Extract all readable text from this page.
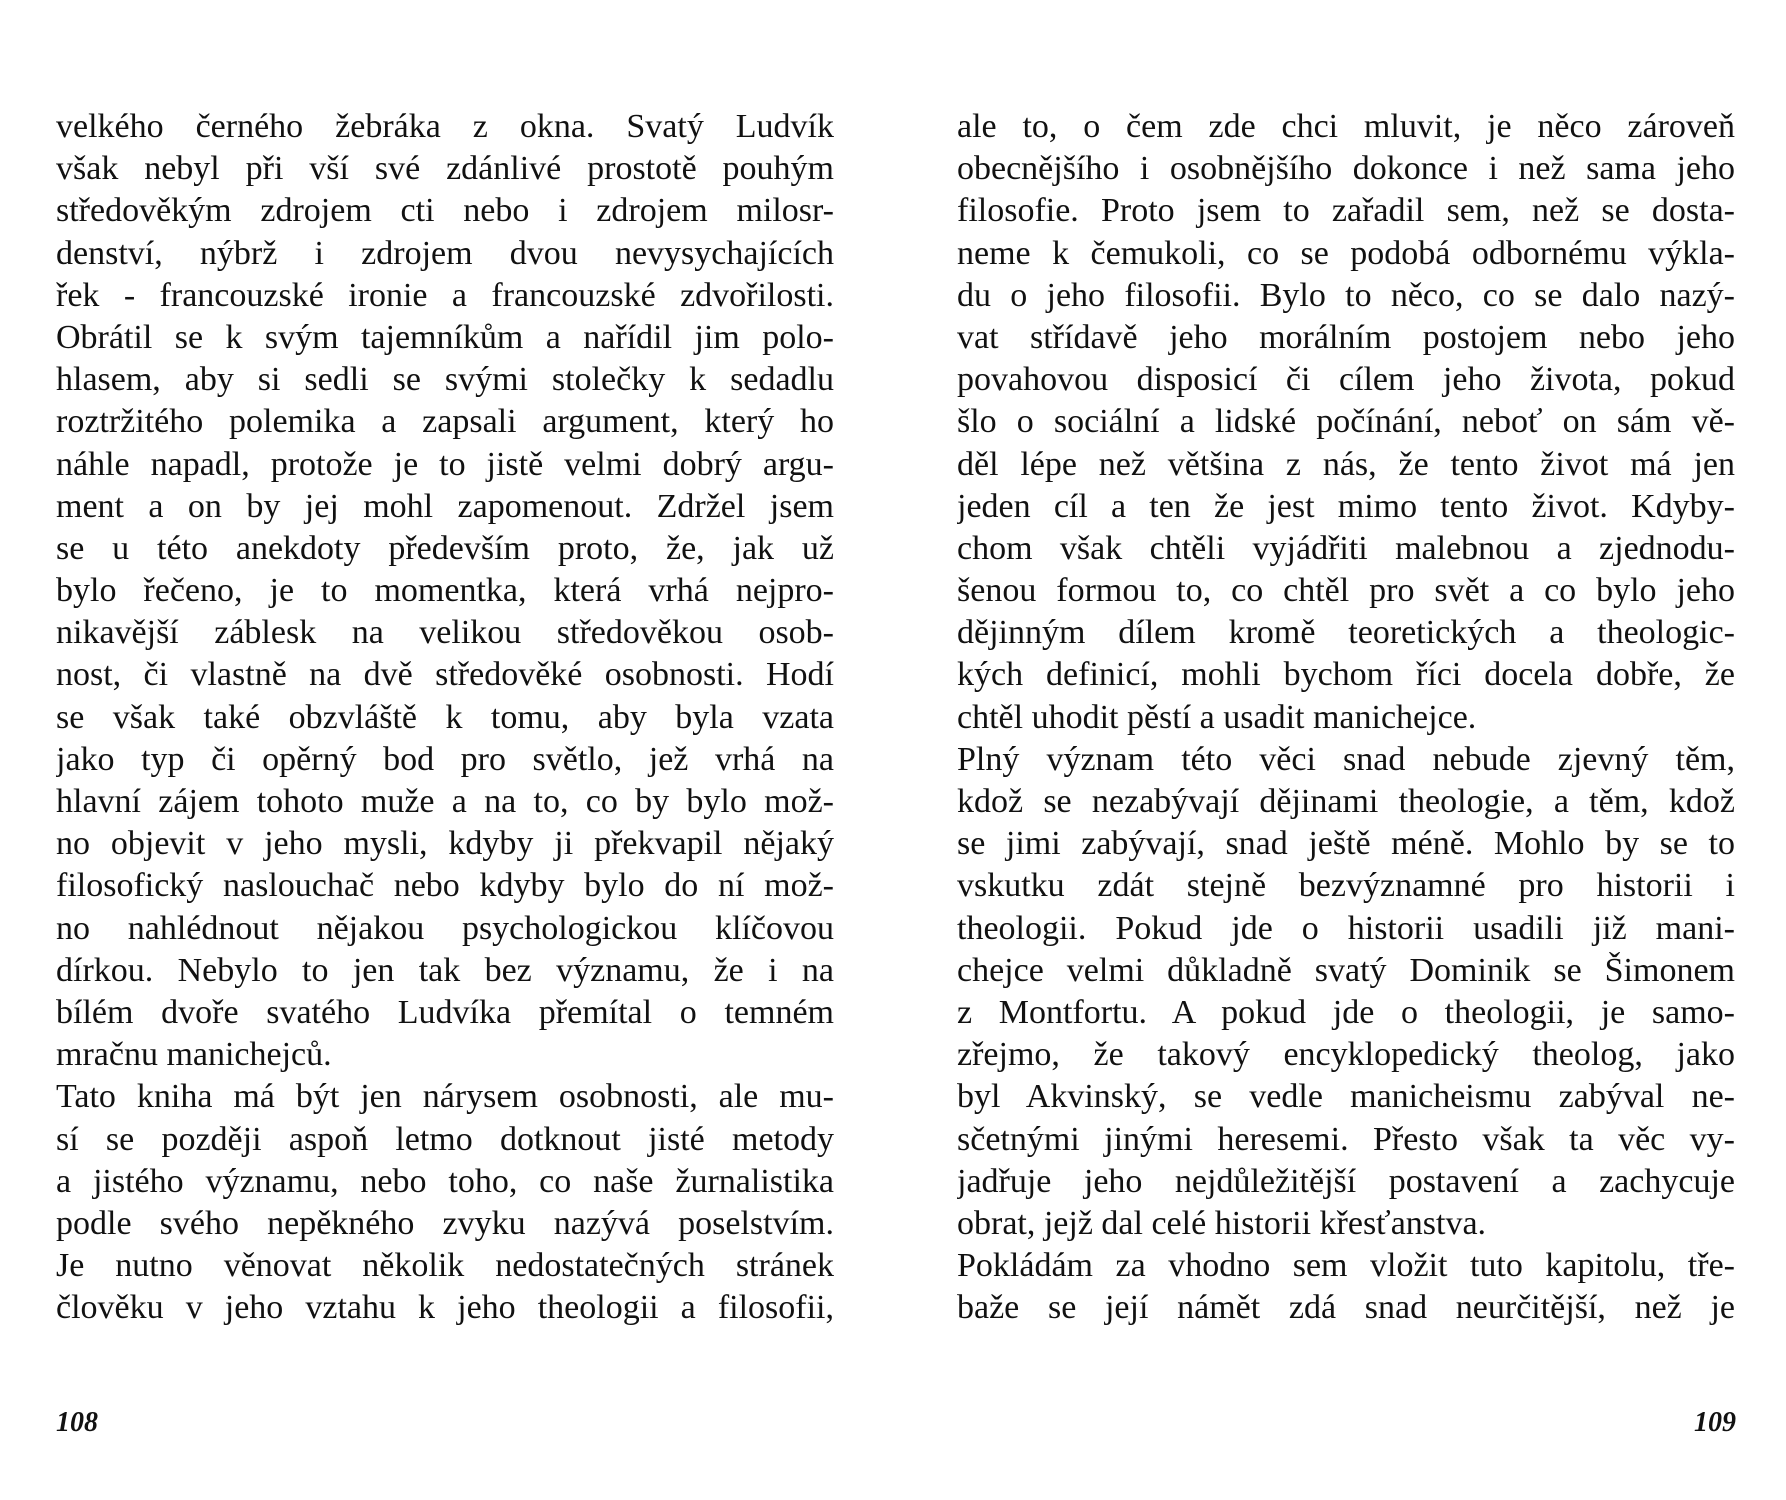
velkého černého žebráka z okna. Svatý Ludvík
však nebyl při vší své zdánlivé prostotě pouhým
středověkým zdrojem cti nebo i zdrojem milosr-
denství, nýbrž i zdrojem dvou nevysychajících
řek - francouzské ironie a francouzské zdvořilosti.
Obrátil se k svým tajemníkům a nařídil jim polo-
hlasem, aby si sedli se svými stolečky k sedadlu
roztržitého polemika a zapsali argument, který ho
náhle napadl, protože je to jistě velmi dobrý argu-
ment a on by jej mohl zapomenout. Zdržel jsem
se u této anekdoty především proto, že, jak už
bylo řečeno, je to momentka, která vrhá nejpro-
nikavější záblesk na velikou středověkou osob-
nost, či vlastně na dvě středověké osobnosti. Hodí
se však také obzvláště k tomu, aby byla vzata
jako typ či opěrný bod pro světlo, jež vrhá na
hlavní zájem tohoto muže a na to, co by bylo mož-
no objevit v jeho mysli, kdyby ji překvapil nějaký
filosofický naslouchač nebo kdyby bylo do ní mož-
no nahlédnout nějakou psychologickou klíčovou
dírkou. Nebylo to jen tak bez významu, že i na
bílém dvoře svatého Ludvíka přemítal o temném
mračnu manichejců.
Tato kniha má být jen nárysem osobnosti, ale mu-
sí se později aspoň letmo dotknout jisté metody
a jistého významu, nebo toho, co naše žurnalistika
podle svého nepěkného zvyku nazývá poselstvím.
Je nutno věnovat několik nedostatečných stránek
člověku v jeho vztahu k jeho theologii a filosofii,
108
ale to, o čem zde chci mluvit, je něco zároveň
obecnějšího i osobnějšího dokonce i než sama jeho
filosofie. Proto jsem to zařadil sem, než se dosta-
neme k čemukoli, co se podobá odbornému výkla-
du o jeho filosofii. Bylo to něco, co se dalo nazý-
vat střídavě jeho morálním postojem nebo jeho
povahovou disposicí či cílem jeho života, pokud
šlo o sociální a lidské počínání, neboť on sám vě-
děl lépe než většina z nás, že tento život má jen
jeden cíl a ten že jest mimo tento život. Kdyby-
chom však chtěli vyjádřiti malebnou a zjednodu-
šenou formou to, co chtěl pro svět a co bylo jeho
dějinným dílem kromě teoretických a theologic-
kých definicí, mohli bychom říci docela dobře, že
chtěl uhodit pěstí a usadit manichejce.
Plný význam této věci snad nebude zjevný těm,
kdož se nezabývají dějinami theologie, a těm, kdož
se jimi zabývají, snad ještě méně. Mohlo by se to
vskutku zdát stejně bezvýznamné pro historii i
theologii. Pokud jde o historii usadili již mani-
chejce velmi důkladně svatý Dominik se Šimonem
z Montfortu. A pokud jde o theologii, je samo-
zřejmo, že takový encyklopedický theolog, jako
byl Akvinský, se vedle manicheismu zabýval ne-
sčetnými jinými heresemi. Přesto však ta věc vy-
jadřuje jeho nejdůležitější postavení a zachycuje
obrat, jejž dal celé historii křesťanstva.
Pokládám za vhodno sem vložit tuto kapitolu, tře-
baže se její námět zdá snad neurčitější, než je
109
